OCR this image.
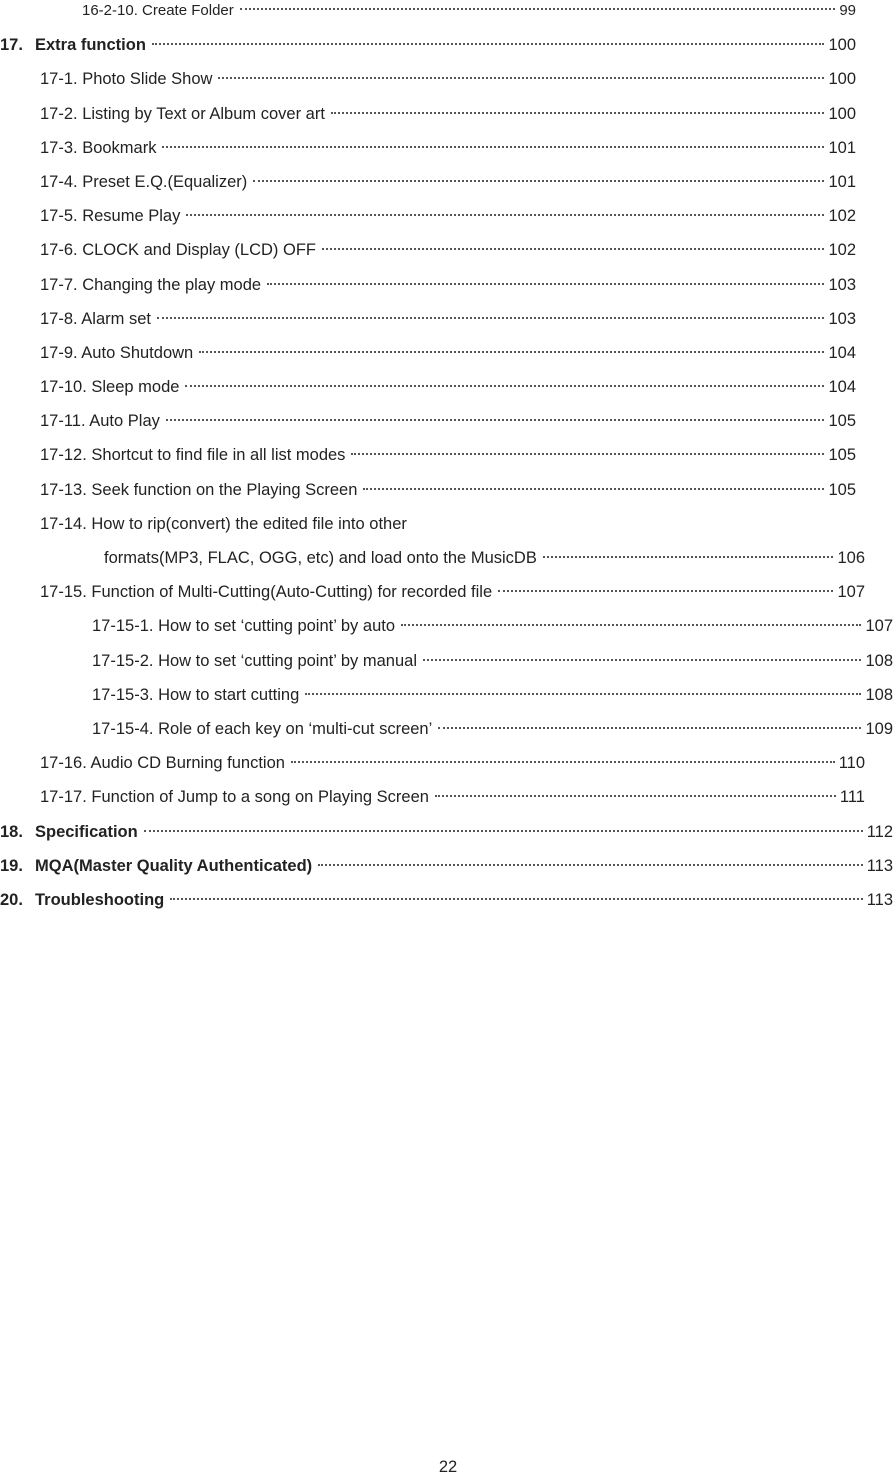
16-2-10. Create Folder	99
17. Extra function	100
17-1. Photo Slide Show	100
17-2. Listing by Text or Album cover art	100
17-3. Bookmark	101
17-4. Preset E.Q.(Equalizer)	101
17-5. Resume Play	102
17-6. CLOCK and Display (LCD) OFF	102
17-7. Changing the play mode	103
17-8. Alarm set	103
17-9. Auto Shutdown	104
17-10. Sleep mode	104
17-11. Auto Play	105
17-12. Shortcut to find file in all list modes	105
17-13. Seek function on the Playing Screen	105
17-14. How to rip(convert) the edited file into other
formats(MP3, FLAC, OGG, etc) and load onto the MusicDB	106
17-15. Function of Multi-Cutting(Auto-Cutting) for recorded file	107
17-15-1. How to set ‘cutting point’ by auto	107
17-15-2. How to set ‘cutting point’ by manual	108
17-15-3. How to start cutting	108
17-15-4. Role of each key on ‘multi-cut screen’	109
17-16. Audio CD Burning function	110
17-17. Function of Jump to a song on Playing Screen	111
18. Specification	112
19. MQA(Master Quality Authenticated)	113
20. Troubleshooting	113
22
